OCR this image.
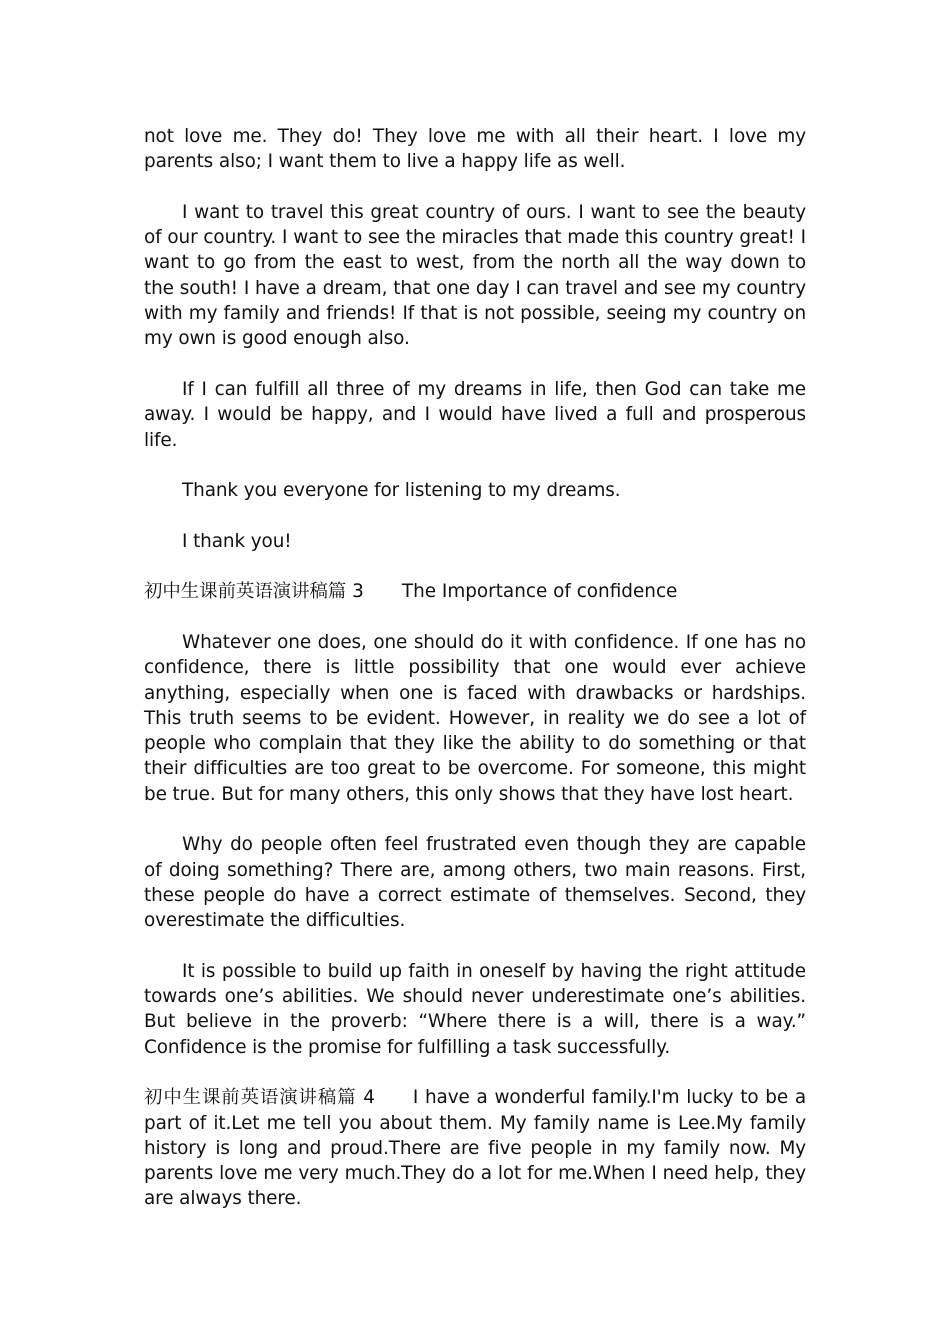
not love me. They do! They love me with all their heart. I love my parents also; I want them to live a happy life as well.

I want to travel this great country of ours. I want to see the beauty of our country. I want to see the miracles that made this country great! I want to go from the east to west, from the north all the way down to the south! I have a dream, that one day I can travel and see my country with my family and friends! If that is not possible, seeing my country on my own is good enough also.

If I can fulfill all three of my dreams in life, then God can take me away. I would be happy, and I would have lived a full and prosperous life.

Thank you everyone for listening to my dreams.

I thank you!

初中生课前英语演讲稿篇 3 The Importance of confidence

Whatever one does, one should do it with confidence. If one has no confidence, there is little possibility that one would ever achieve anything, especially when one is faced with drawbacks or hardships. This truth seems to be evident. However, in reality we do see a lot of people who complain that they like the ability to do something or that their difficulties are too great to be overcome. For someone, this might be true. But for many others, this only shows that they have lost heart.

Why do people often feel frustrated even though they are capable of doing something? There are, among others, two main reasons. First, these people do have a correct estimate of themselves. Second, they overestimate the difficulties.

It is possible to build up faith in oneself by having the right attitude towards one’s abilities. We should never underestimate one’s abilities. But believe in the proverb: “Where there is a will, there is a way.” Confidence is the promise for fulfilling a task successfully.

初中生课前英语演讲稿篇 4 I have a wonderful family.I'm lucky to be a part of it.Let me tell you about them. My family name is Lee.My family history is long and proud.There are five people in my family now. My parents love me very much.They do a lot for me.When I need help, they are always there.
